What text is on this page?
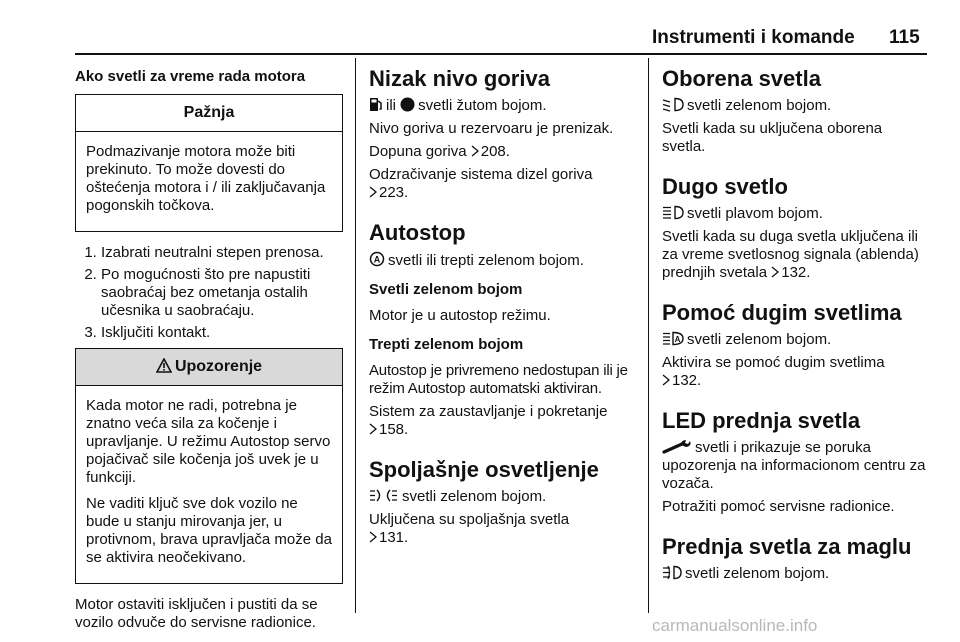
Instrumenti i komande 115

Ako svetli za vreme rada motora

Pažnja

Podmazivanje motora može biti prekinuto. To može dovesti do oštećenja motora i / ili zaključavanja pogonskih točkova.

1. Izabrati neutralni stepen prenosa.
2. Po mogućnosti što pre napustiti saobraćaj bez ometanja ostalih učesnika u saobraćaju.
3. Isključiti kontakt.
Upozorenje

Kada motor ne radi, potrebna je znatno veća sila za kočenje i upravljanje. U režimu Autostop servo pojačivač sile kočenja još uvek je u funkciji.

Ne vaditi ključ sve dok vozilo ne bude u stanju mirovanja jer, u protivnom, brava upravljača može da se aktivira neočekivano.

Motor ostaviti isključen i pustiti da se vozilo odvuče do servisne radionice.

Nizak nivo goriva

ili svetli žutom bojom.

Nivo goriva u rezervoaru je prenizak.

Dopuna goriva 208.

Odzračivanje sistema dizel goriva

223.

Autostop

A svetli ili trepti zelenom bojom.

Svetli zelenom bojom

Motor je u autostop režimu.

Trepti zelenom bojom

Autostop je privremeno nedostupan ili je režim Autostop automatski aktiviran.

Sistem za zaustavljanje i pokretanje

158.

Spoljašnje osvetljenje

svetli zelenom bojom.

Uključena su spoljašnja svetla

131.

Oborena svetla

svetli zelenom bojom.

Svetli kada su uključena oborena svetla.

Dugo svetlo

svetli plavom bojom.

Svetli kada su duga svetla uključena ili za vreme svetlosnog signala (ablenda) prednjih svetala 132.

Pomoć dugim svetlima

A svetli zelenom bojom.

Aktivira se pomoć dugim svetlima

132.

LED prednja svetla

svetli i prikazuje se poruka upozorenja na informacionom centru za vozača.

Potražiti pomoć servisne radionice.

Prednja svetla za maglu

svetli zelenom bojom.

carmanualsonline.info
